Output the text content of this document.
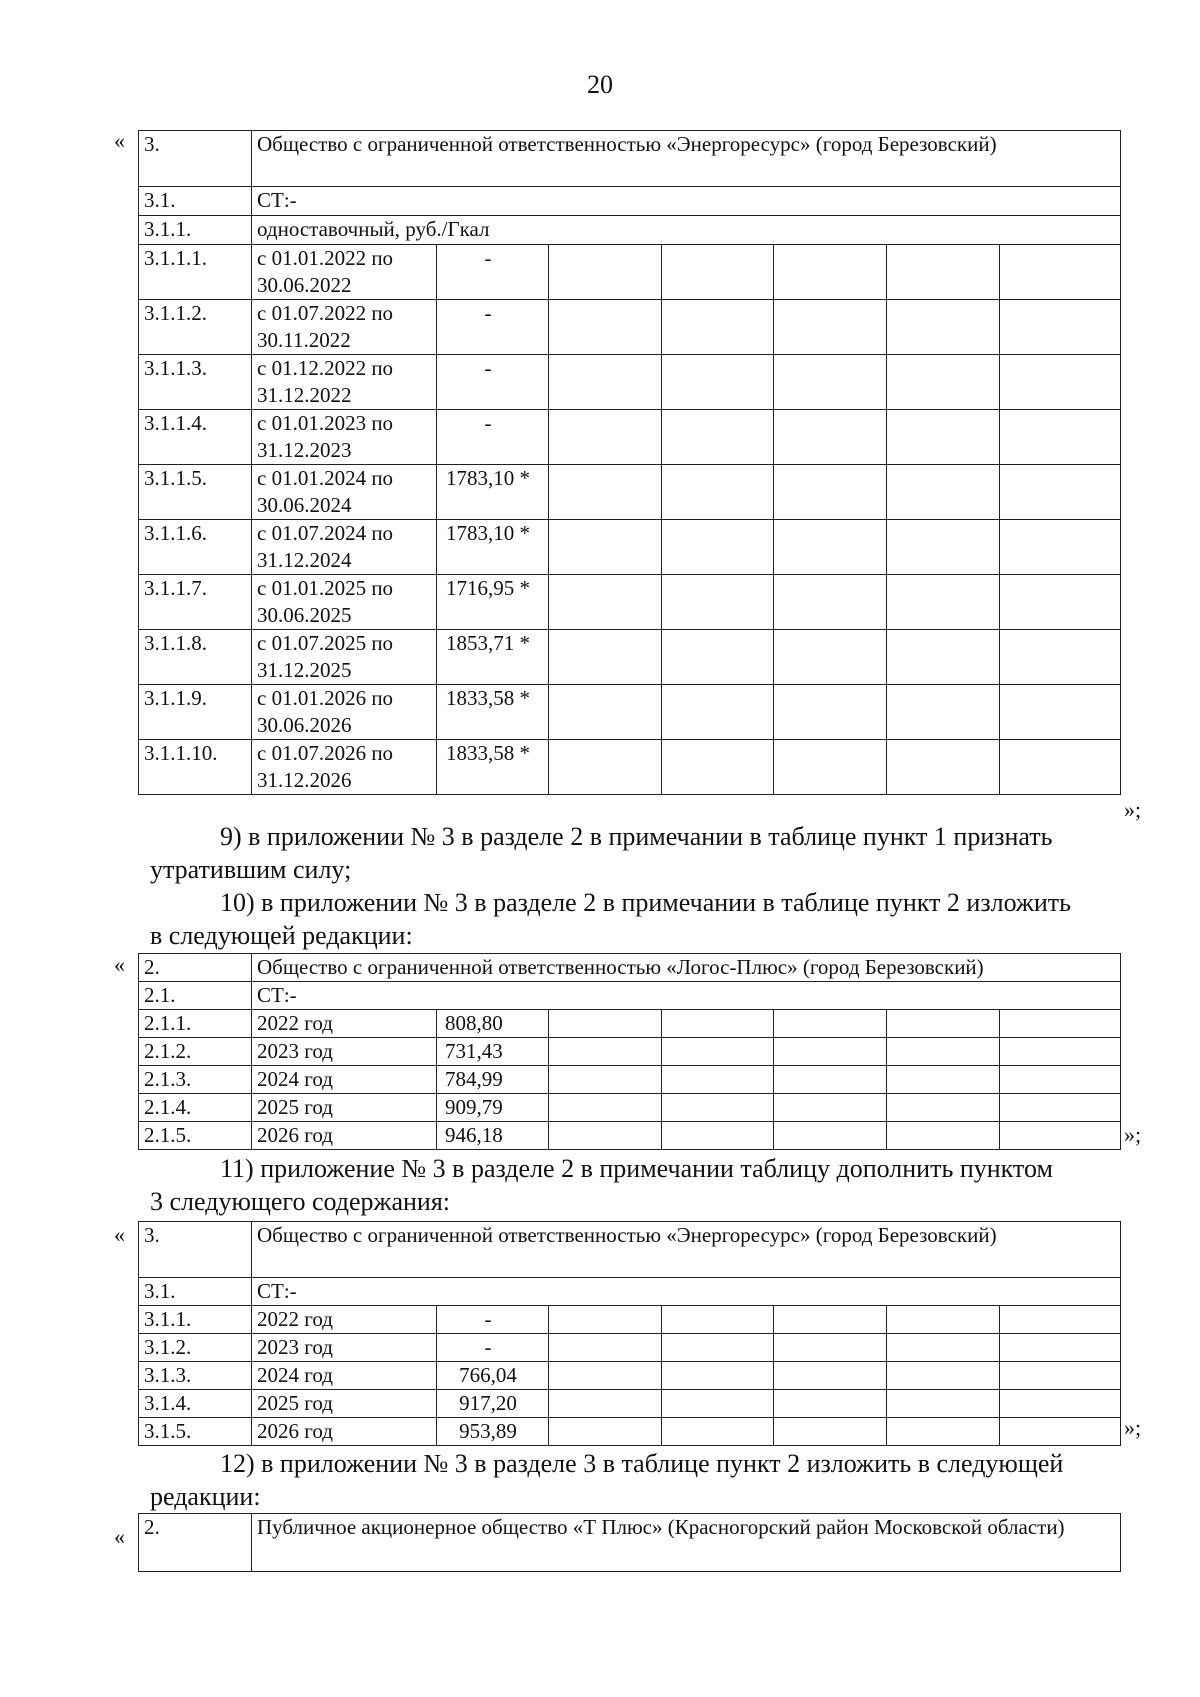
20
« 3.	Общество с ограниченной ответственностью «Энергоресурс» (город Березовский)						
3.1.	СТ:-						
3.1.1.	одноставочный, руб./Гкал						
3.1.1.1.	с 01.01.2022 по 30.06.2022	-					
3.1.1.2.	с 01.07.2022 по 30.11.2022	-					
3.1.1.3.	с 01.12.2022 по 31.12.2022	-					
3.1.1.4.	с 01.01.2023 по 31.12.2023	-					
3.1.1.5.	с 01.01.2024 по 30.06.2024	1783,10 *					
3.1.1.6.	с 01.07.2024 по 31.12.2024	1783,10 *					
3.1.1.7.	с 01.01.2025 по 30.06.2025	1716,95 *					
3.1.1.8.	с 01.07.2025 по 31.12.2025	1853,71 *					
3.1.1.9.	с 01.01.2026 по 30.06.2026	1833,58 *					
3.1.1.10.	с 01.07.2026 по 31.12.2026	1833,58 *					
»;
9) в приложении № 3 в разделе 2 в примечании в таблице пункт 1 признать
утратившим силу;
10) в приложении № 3 в разделе 2 в примечании в таблице пункт 2 изложить
в следующей редакции:
« 2.	Общество с ограниченной ответственностью «Логос-Плюс» (город Березовский)						
2.1.	СТ:-						
2.1.1.	2022 год	808,80					
2.1.2.	2023 год	731,43					
2.1.3.	2024 год	784,99					
2.1.4.	2025 год	909,79					
2.1.5.	2026 год	946,18						»;
11) приложение № 3 в разделе 2 в примечании таблицу дополнить пунктом
3 следующего содержания:
« 3.	Общество с ограниченной ответственностью «Энергоресурс» (город Березовский)						
3.1.	СТ:-						
3.1.1.	2022 год	-					
3.1.2.	2023 год	-					
3.1.3.	2024 год	766,04					
3.1.4.	2025 год	917,20					
3.1.5.	2026 год	953,89						»;
12) в приложении № 3 в разделе 3 в таблице пункт 2 изложить в следующей
редакции:
« 2.	Публичное акционерное общество «Т Плюс» (Красногорский район Московской области)
